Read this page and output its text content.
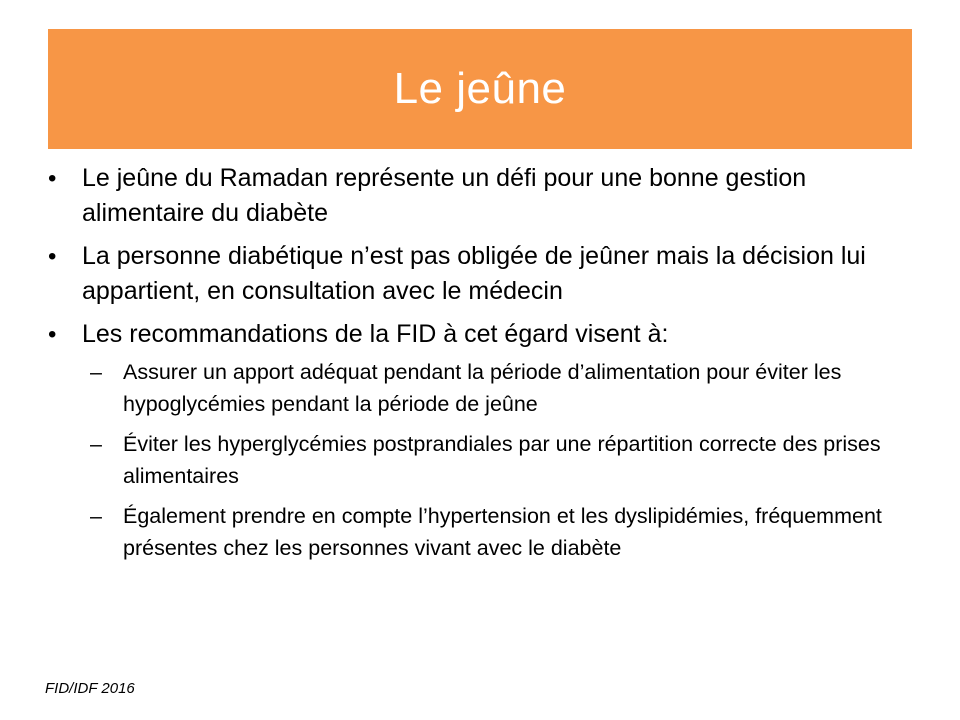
Le jeûne
•	Le jeûne du Ramadan représente un défi pour une bonne gestion alimentaire du diabète
•	La personne diabétique n’est pas obligée de jeûner mais la décision lui appartient, en consultation avec le médecin
•	Les recommandations de la FID à cet égard visent à:
– Assurer un apport adéquat pendant la période d’alimentation pour éviter les hypoglycémies pendant la période de jeûne
– Éviter les hyperglycémies postprandiales par une répartition correcte des prises alimentaires
– Également prendre en compte l’hypertension et les dyslipidémies, fréquemment présentes chez les personnes vivant avec le diabète
FID/IDF 2016
